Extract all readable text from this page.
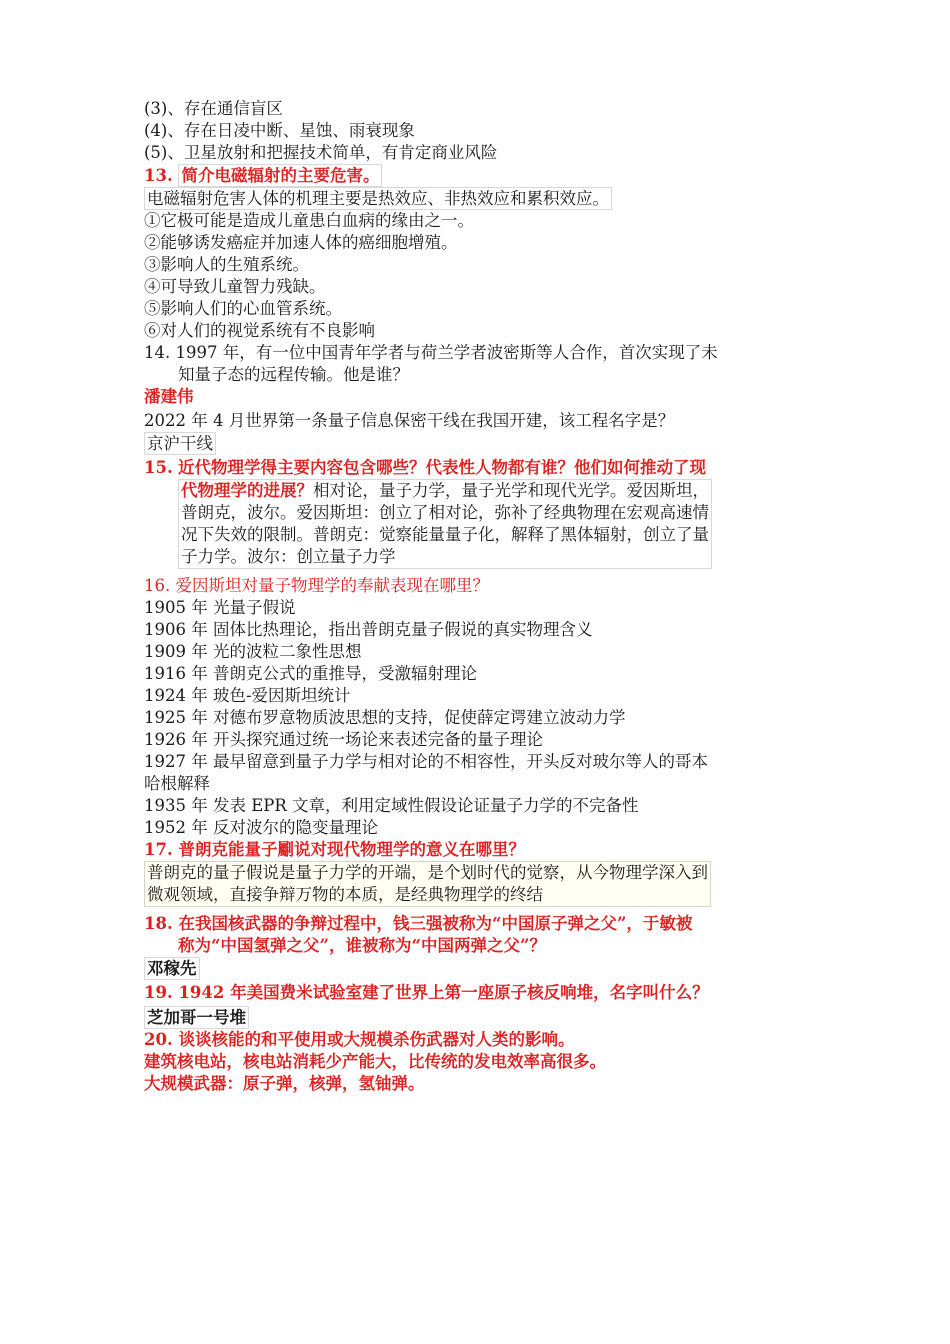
(3)、存在通信盲区
(4)、存在日凌中断、星蚀、雨衰现象
(5)、卫星放射和把握技术简单，有肯定商业风险
13. 简介电磁辐射的主要危害。
电磁辐射危害人体的机理主要是热效应、非热效应和累积效应。
①它极可能是造成儿童患白血病的缘由之一。
②能够诱发癌症并加速人体的癌细胞增殖。
③影响人的生殖系统。
④可导致儿童智力残缺。
⑤影响人们的心血管系统。
⑥对人们的视觉系统有不良影响
14. 1997 年，有一位中国青年学者与荷兰学者波密斯等人合作，首次实现了未
知量子态的远程传输。他是谁？
潘建伟
2022 年 4 月世界第一条量子信息保密干线在我国开建，该工程名字是？
京沪干线
15. 近代物理学得主要内容包含哪些？代表性人物都有谁？他们如何推动了现
代物理学的进展？相对论，量子力学，量子光学和现代光学。爱因斯坦，
普朗克，波尔。爱因斯坦：创立了相对论，弥补了经典物理在宏观高速情
况下失效的限制。普朗克：觉察能量量子化，解释了黑体辐射，创立了量
子力学。波尔：创立量子力学
16. 爱因斯坦对量子物理学的奉献表现在哪里？
1905 年 光量子假说
1906 年 固体比热理论，指出普朗克量子假说的真实物理含义
1909 年 光的波粒二象性思想
1916 年 普朗克公式的重推导，受激辐射理论
1924 年 玻色-爱因斯坦统计
1925 年 对德布罗意物质波思想的支持，促使薛定谔建立波动力学
1926 年 开头探究通过统一场论来表述完备的量子理论
1927 年 最早留意到量子力学与相对论的不相容性，开头反对玻尔等人的哥本
哈根解释
1935 年 发表 EPR 文章，利用定域性假设论证量子力学的不完备性
1952 年 反对波尔的隐变量理论
17. 普朗克能量子劚说对现代物理学的意义在哪里？
普朗克的量子假说是量子力学的开端，是个划时代的觉察，从今物理学深入到
微观领域，直接争辩万物的本质，是经典物理学的终结
18. 在我国核武器的争辩过程中，钱三强被称为“中国原子弹之父”，于敏被
称为“中国氢弹之父”，谁被称为“中国两弹之父”？
邓稼先
19. 1942 年美国费米试验室建了世界上第一座原子核反响堆，名字叫什么？
芝加哥一号堆
20. 谈谈核能的和平使用或大规模杀伤武器对人类的影响。
建筑核电站，核电站消耗少产能大，比传统的发电效率高很多。
大规模武器：原子弹，核弹，氢铀弹。
